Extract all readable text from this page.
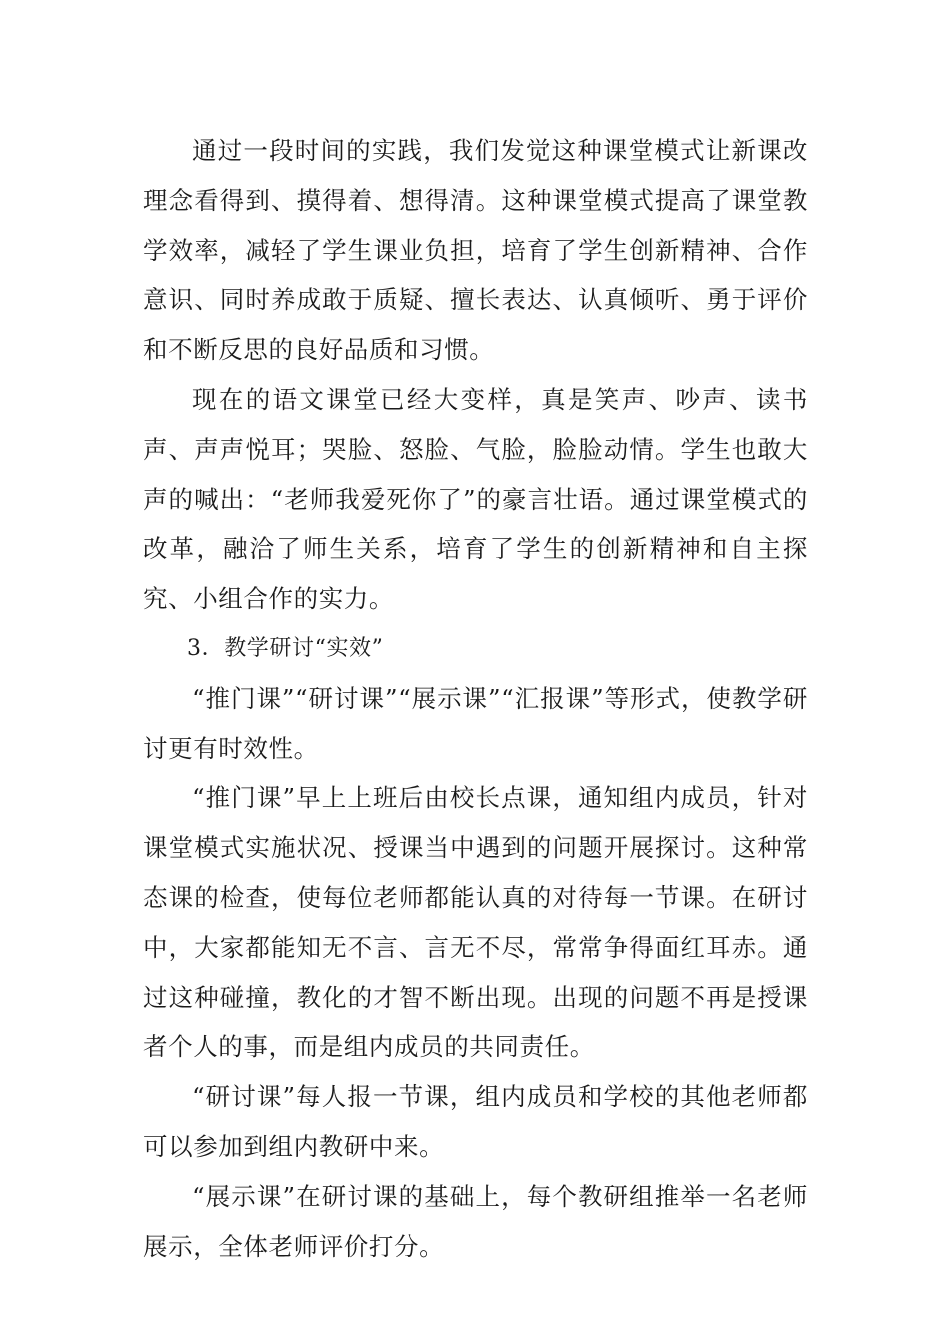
通过一段时间的实践，我们发觉这种课堂模式让新课改理念看得到、摸得着、想得清。这种课堂模式提高了课堂教学效率，减轻了学生课业负担，培育了学生创新精神、合作意识、同时养成敢于质疑、擅长表达、认真倾听、勇于评价和不断反思的良好品质和习惯。

现在的语文课堂已经大变样，真是笑声、吵声、读书声、声声悦耳；哭脸、怒脸、气脸，脸脸动情。学生也敢大声的喊出：“老师我爱死你了”的豪言壮语。通过课堂模式的改革，融洽了师生关系，培育了学生的创新精神和自主探究、小组合作的实力。

3．教学研讨“实效”

“推门课”“研讨课”“展示课”“汇报课”等形式，使教学研讨更有时效性。

“推门课”早上上班后由校长点课，通知组内成员，针对课堂模式实施状况、授课当中遇到的问题开展探讨。这种常态课的检查，使每位老师都能认真的对待每一节课。在研讨中，大家都能知无不言、言无不尽，常常争得面红耳赤。通过这种碰撞，教化的才智不断出现。出现的问题不再是授课者个人的事，而是组内成员的共同责任。

“研讨课”每人报一节课，组内成员和学校的其他老师都可以参加到组内教研中来。

“展示课”在研讨课的基础上，每个教研组推举一名老师展示，全体老师评价打分。
